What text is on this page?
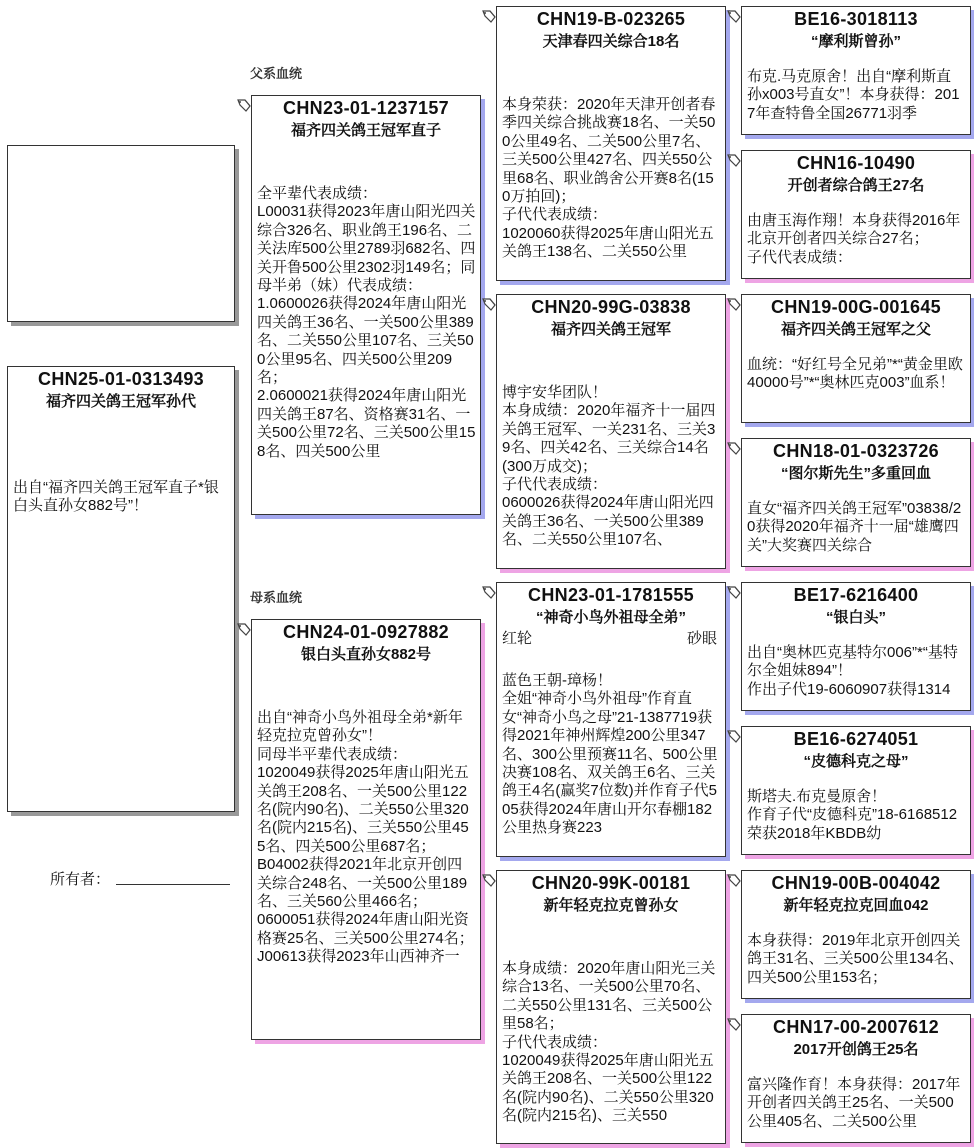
CHN25-01-0313493
福齐四关鸽王冠军孙代
出自“福齐四关鸽王冠军直子*银白头直孙女882号”！
所有者：
父系血统
母系血统
CHN23-01-1237157
福齐四关鸽王冠军直子
全平辈代表成绩：
L00031获得2023年唐山阳光四关综合326名、职业鸽王196名、二关法库500公里2789羽682名、四关开鲁500公里2302羽149名；同母半弟（妹）代表成绩：
1.0600026获得2024年唐山阳光四关鸽王36名、一关500公里389名、二关550公里107名、三关500公里95名、四关500公里209名；
2.0600021获得2024年唐山阳光四关鸽王87名、资格赛31名、一关500公里72名、三关500公里158名、四关500公里
CHN24-01-0927882
银白头直孙女882号
出自“神奇小鸟外祖母全弟*新年轻克拉克曾孙女”！
同母半平辈代表成绩：
1020049获得2025年唐山阳光五关鸽王208名、一关500公里122名(院内90名)、二关550公里320名(院内215名)、三关550公里455名、四关500公里687名；
B04002获得2021年北京开创四关综合248名、一关500公里189名、三关560公里466名；
0600051获得2024年唐山阳光资格赛25名、三关500公里274名；
J00613获得2023年山西神齐一
CHN19-B-023265
天津春四关综合18名
本身荣获：2020年天津开创者春季四关综合挑战赛18名、一关500公里49名、二关500公里7名、三关500公里427名、四关550公里68名、职业鸽舍公开赛8名(150万拍回)；
子代代表成绩：
1020060获得2025年唐山阳光五关鸽王138名、二关550公里
CHN20-99G-03838
福齐四关鸽王冠军
博宇安华团队！
本身成绩：2020年福齐十一届四关鸽王冠军、一关231名、三关39名、四关42名、三关综合14名(300万成交)；
子代代表成绩：
0600026获得2024年唐山阳光四关鸽王36名、一关500公里389名、二关550公里107名、
CHN23-01-1781555
“神奇小鸟外祖母全弟”
红轮	砂眼
蓝色王朝-璋杨！
全姐“神奇小鸟外祖母”作育直女“神奇小鸟之母”21-1387719获得2021年神州辉煌200公里347名、300公里预赛11名、500公里决赛108名、双关鸽王6名、三关鸽王4名(赢奖7位数)并作育子代505获得2024年唐山开尔春棚182公里热身赛223
CHN20-99K-00181
新年轻克拉克曾孙女
本身成绩：2020年唐山阳光三关综合13名、一关500公里70名、二关550公里131名、三关500公里58名；
子代代表成绩：
1020049获得2025年唐山阳光五关鸽王208名、一关500公里122名(院内90名)、二关550公里320名(院内215名)、三关550
BE16-3018113
“摩利斯曾孙”
布克.马克原舍！出自“摩利斯直孙x003号直女”！本身获得：2017年查特鲁全国26771羽季
CHN16-10490
开创者综合鸽王27名
由唐玉海作翔！本身获得2016年北京开创者四关综合27名；
子代代表成绩：
CHN19-00G-001645
福齐四关鸽王冠军之父
血统：“好红号全兄弟”*“黄金里欧40000号”*“奥林匹克003”血系！
CHN18-01-0323726
“图尔斯先生”多重回血
直女“福齐四关鸽王冠军”03838/20获得2020年福齐十一届“雄鹰四关”大奖赛四关综合
BE17-6216400
“银白头”
出自“奥林匹克基特尔006”*“基特尔全姐妹894”！
作出子代19-6060907获得1314
BE16-6274051
“皮德科克之母”
斯塔夫.布克曼原舍！
作育子代“皮德科克”18-6168512荣获2018年KBDB幼
CHN19-00B-004042
新年轻克拉克回血042
本身获得：2019年北京开创四关鸽王31名、三关500公里134名、四关500公里153名；
CHN17-00-2007612
2017开创鸽王25名
富兴隆作育！本身获得：2017年开创者四关鸽王25名、一关500公里405名、二关500公里
